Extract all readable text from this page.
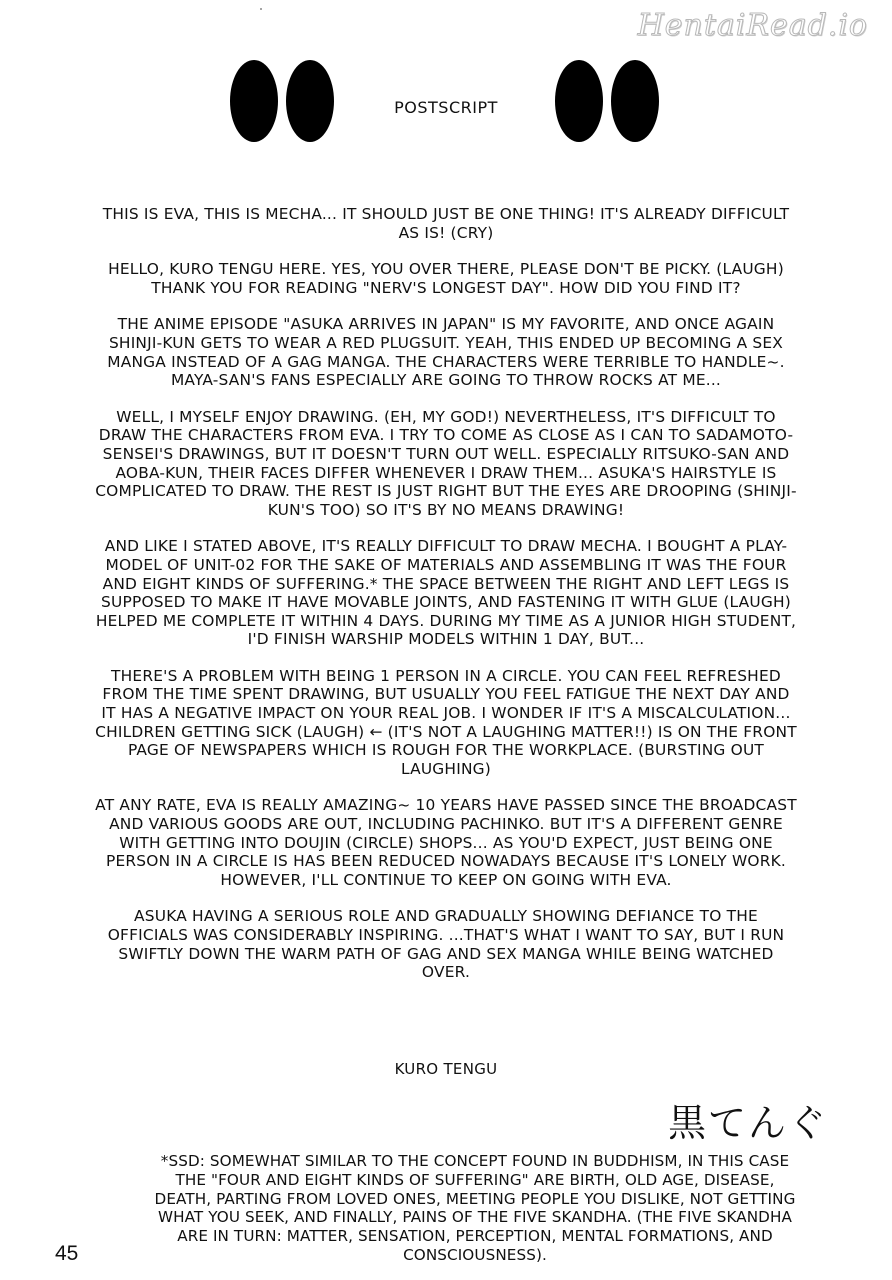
HentaiRead.io
POSTSCRIPT

THIS IS EVA, THIS IS MECHA... IT SHOULD JUST BE ONE THING! IT'S ALREADY DIFFICULT AS IS! (CRY)

HELLO, KURO TENGU HERE. YES, YOU OVER THERE, PLEASE DON'T BE PICKY. (LAUGH)

THANK YOU FOR READING "NERV'S LONGEST DAY". HOW DID YOU FIND IT?

THE ANIME EPISODE "ASUKA ARRIVES IN JAPAN" IS MY FAVORITE, AND ONCE AGAIN SHINJI-KUN GETS TO WEAR A RED PLUGSUIT. YEAH, THIS ENDED UP BECOMING A SEX MANGA INSTEAD OF A GAG MANGA. THE CHARACTERS WERE TERRIBLE TO HANDLE~. MAYA-SAN'S FANS ESPECIALLY ARE GOING TO THROW ROCKS AT ME...

WELL, I MYSELF ENJOY DRAWING. (EH, MY GOD!) NEVERTHELESS, IT'S DIFFICULT TO DRAW THE CHARACTERS FROM EVA. I TRY TO COME AS CLOSE AS I CAN TO SADAMOTO-SENSEI'S DRAWINGS, BUT IT DOESN'T TURN OUT WELL. ESPECIALLY RITSUKO-SAN AND AOBA-KUN, THEIR FACES DIFFER WHENEVER I DRAW THEM... ASUKA'S HAIRSTYLE IS COMPLICATED TO DRAW. THE REST IS JUST RIGHT BUT THE EYES ARE DROOPING (SHINJI-KUN'S TOO) SO IT'S BY NO MEANS DRAWING!

AND LIKE I STATED ABOVE, IT'S REALLY DIFFICULT TO DRAW MECHA. I BOUGHT A PLAY-MODEL OF UNIT-02 FOR THE SAKE OF MATERIALS AND ASSEMBLING IT WAS THE FOUR AND EIGHT KINDS OF SUFFERING.* THE SPACE BETWEEN THE RIGHT AND LEFT LEGS IS SUPPOSED TO MAKE IT HAVE MOVABLE JOINTS, AND FASTENING IT WITH GLUE (LAUGH) HELPED ME COMPLETE IT WITHIN 4 DAYS. DURING MY TIME AS A JUNIOR HIGH STUDENT, I'D FINISH WARSHIP MODELS WITHIN 1 DAY, BUT...

THERE'S A PROBLEM WITH BEING 1 PERSON IN A CIRCLE. YOU CAN FEEL REFRESHED FROM THE TIME SPENT DRAWING, BUT USUALLY YOU FEEL FATIGUE THE NEXT DAY AND IT HAS A NEGATIVE IMPACT ON YOUR REAL JOB. I WONDER IF IT'S A MISCALCULATION... CHILDREN GETTING SICK (LAUGH) ← (IT'S NOT A LAUGHING MATTER!!) IS ON THE FRONT PAGE OF NEWSPAPERS WHICH IS ROUGH FOR THE WORKPLACE. (BURSTING OUT LAUGHING)

AT ANY RATE, EVA IS REALLY AMAZING~ 10 YEARS HAVE PASSED SINCE THE BROADCAST AND VARIOUS GOODS ARE OUT, INCLUDING PACHINKO. BUT IT'S A DIFFERENT GENRE WITH GETTING INTO DOUJIN (CIRCLE) SHOPS... AS YOU'D EXPECT, JUST BEING ONE PERSON IN A CIRCLE IS HAS BEEN REDUCED NOWADAYS BECAUSE IT'S LONELY WORK. HOWEVER, I'LL CONTINUE TO KEEP ON GOING WITH EVA.

ASUKA HAVING A SERIOUS ROLE AND GRADUALLY SHOWING DEFIANCE TO THE OFFICIALS WAS CONSIDERABLY INSPIRING. ...THAT'S WHAT I WANT TO SAY, BUT I RUN SWIFTLY DOWN THE WARM PATH OF GAG AND SEX MANGA WHILE BEING WATCHED OVER.

KURO TENGU
黒てんぐ
*SSD: SOMEWHAT SIMILAR TO THE CONCEPT FOUND IN BUDDHISM, IN THIS CASE THE "FOUR AND EIGHT KINDS OF SUFFERING" ARE BIRTH, OLD AGE, DISEASE, DEATH, PARTING FROM LOVED ONES, MEETING PEOPLE YOU DISLIKE, NOT GETTING WHAT YOU SEEK, AND FINALLY, PAINS OF THE FIVE SKANDHA. (THE FIVE SKANDHA ARE IN TURN: MATTER, SENSATION, PERCEPTION, MENTAL FORMATIONS, AND CONSCIOUSNESS).
45
